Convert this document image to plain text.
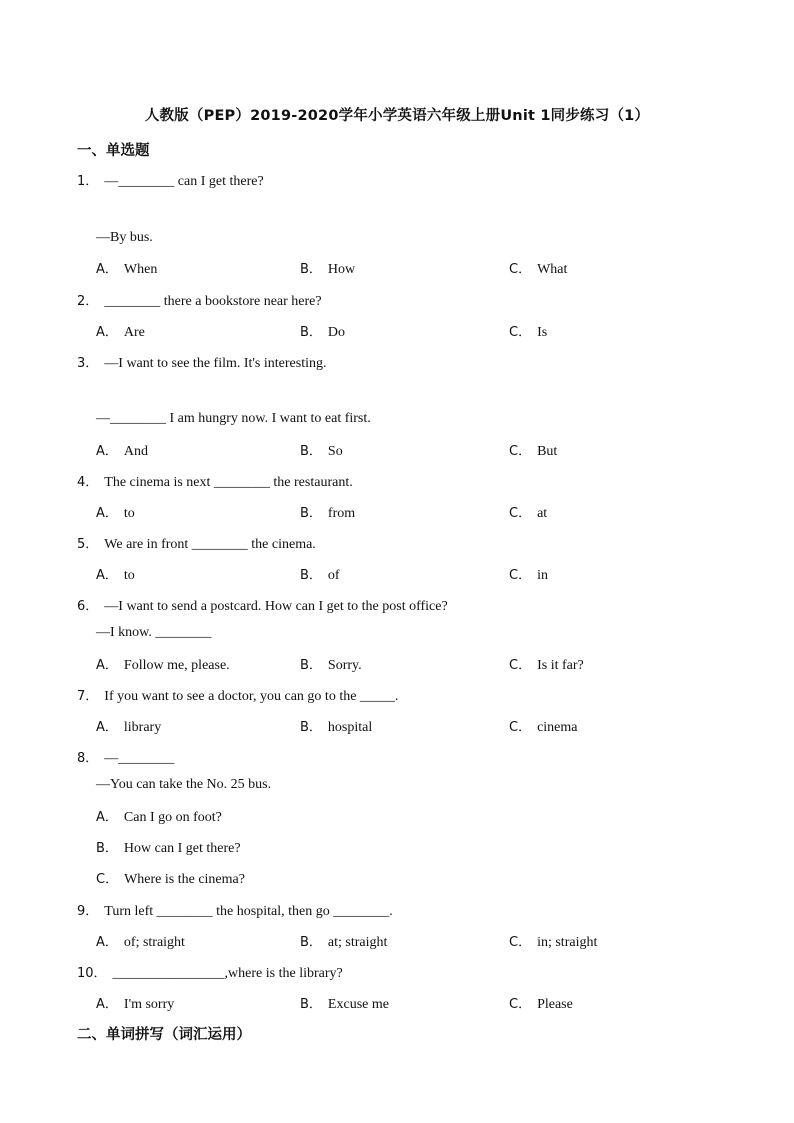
人教版（PEP）2019-2020学年小学英语六年级上册Unit 1同步练习（1）
一、单选题
1． —________ can I get there?
—By bus.
A． When	B． How	C． What
2． ________ there a bookstore near here?
A． Are	B． Do	C． Is
3． —I want to see the film. It's interesting.
—________ I am hungry now. I want to eat first.
A． And	B． So	C． But
4． The cinema is next ________ the restaurant.
A． to	B． from	C． at
5． We are in front ________ the cinema.
A． to	B． of	C． in
6． —I want to send a postcard. How can I get to the post office?
—I know. ________
A． Follow me, please.	B． Sorry.	C． Is it far?
7． If you want to see a doctor, you can go to the _____.
A． library	B． hospital	C． cinema
8． —________
—You can take the No. 25 bus.
A． Can I go on foot?
B． How can I get there?
C． Where is the cinema?
9． Turn left ________ the hospital, then go ________.
A． of; straight	B． at; straight	C． in; straight
10． ________________,where is the library?
A． I'm sorry	B． Excuse me	C． Please
二、单词拼写（词汇运用）
